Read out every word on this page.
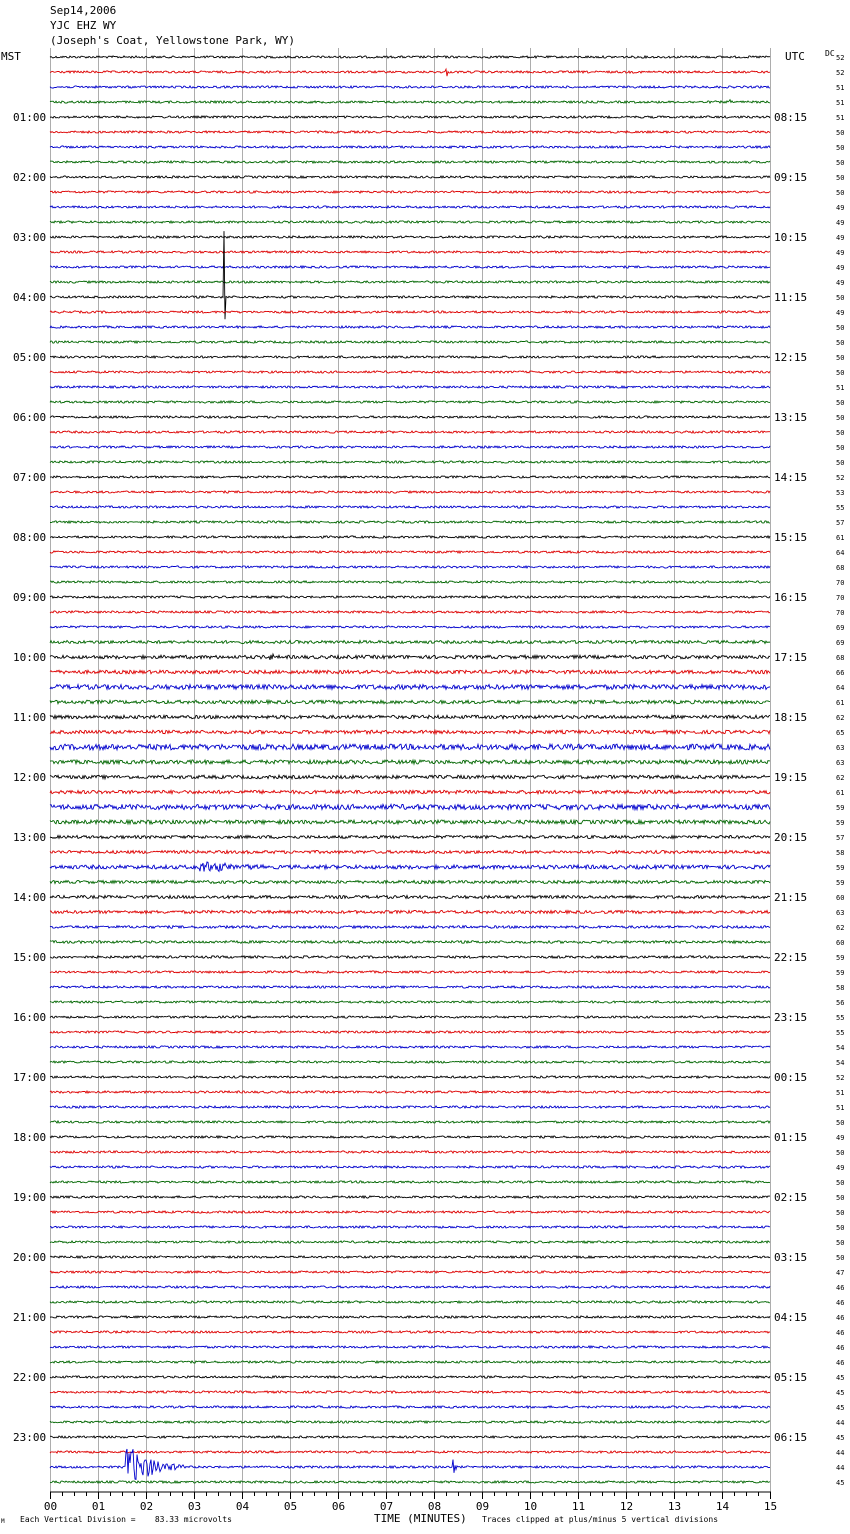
Sep14,2006
YJC EHZ WY
(Joseph's Coat, Yellowstone Park, WY)
MST	UTC	DC
01:00
02:00
03:00
04:00
05:00
06:00
07:00
08:00
09:00
10:00
11:00
12:00
13:00
14:00
15:00
16:00
17:00
18:00
19:00
20:00
21:00
22:00
23:00
08:15
09:15
10:15
11:15
12:15
13:15
14:15
15:15
16:15
17:15
18:15
19:15
20:15
21:15
22:15
23:15
00:15
01:15
02:15
03:15
04:15
05:15
06:15
52
52
51
51
51
50
50
50
50
50
49
49
49
49
49
49
50
49
50
50
50
50
51
50
50
50
50
50
52
53
55
57
61
64
68
70
70
70
69
69
68
66
64
61
62
65
63
63
62
61
59
59
57
58
59
59
60
63
62
60
59
59
58
56
55
55
54
54
52
51
51
50
49
50
49
50
50
50
50
50
50
47
46
46
46
46
46
46
45
45
45
44
45
44
44
45
00	01	02	03	04	05	06	07	08	09	10	11	12	13	14	15
M Each Vertical Division =    83.33 microvolts	TIME (MINUTES) Traces clipped at plus/minus 5 vertical divisions
